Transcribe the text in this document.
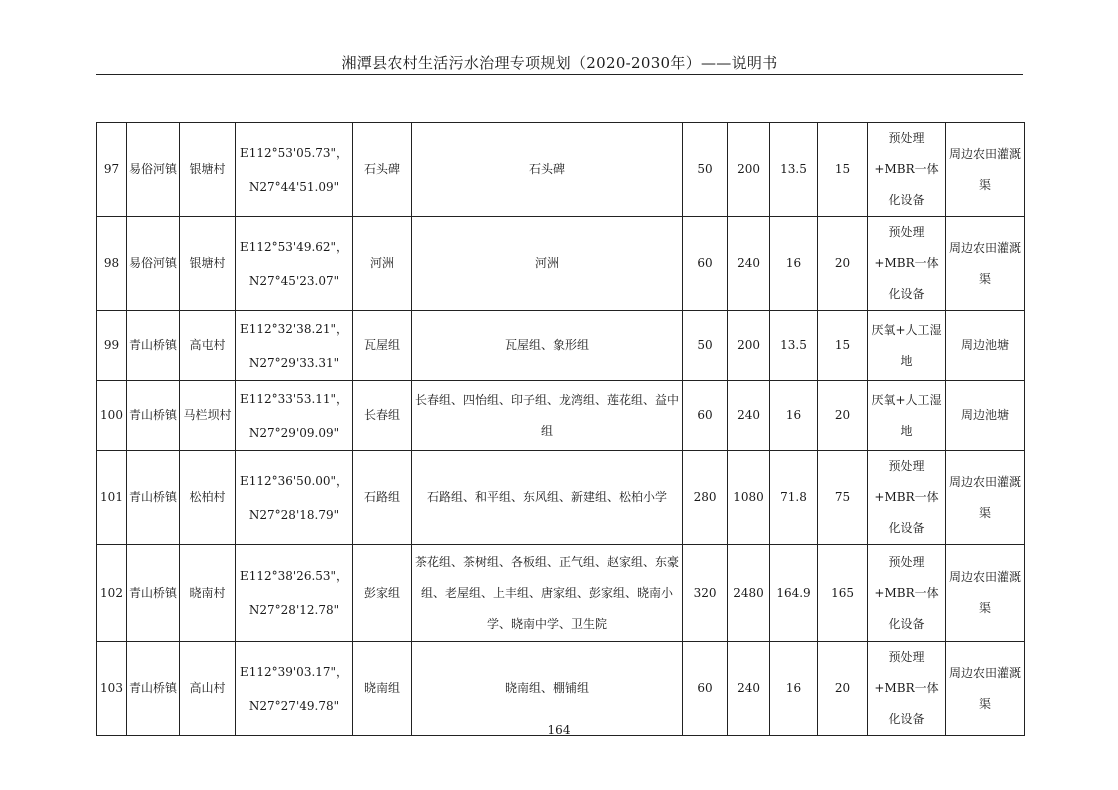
湘潭县农村生活污水治理专项规划（2020-2030年）——说明书
97	易俗河镇	银塘村	E112°53'05.73"，
N27°44'51.09"	石头碑	石头碑	50	200	13.5	15	预处理+MBR一体化设备	周边农田灌溉渠
98	易俗河镇	银塘村	E112°53'49.62"，
N27°45'23.07"	河洲	河洲	60	240	16	20	预处理+MBR一体化设备	周边农田灌溉渠
99	青山桥镇	高屯村	E112°32'38.21"，
N27°29'33.31"	瓦屋组	瓦屋组、象形组	50	200	13.5	15	厌氧+人工湿地	周边池塘
100	青山桥镇	马栏坝村	E112°33'53.11"，
N27°29'09.09"	长春组	长春组、四怡组、印子组、龙湾组、莲花组、益中组	60	240	16	20	厌氧+人工湿地	周边池塘
101	青山桥镇	松柏村	E112°36'50.00"，
N27°28'18.79"	石路组	石路组、和平组、东风组、新建组、松柏小学	280	1080	71.8	75	预处理+MBR一体化设备	周边农田灌溉渠
102	青山桥镇	晓南村	E112°38'26.53"，
N27°28'12.78"	彭家组	茶花组、茶树组、各板组、正气组、赵家组、东豪组、老屋组、上丰组、唐家组、彭家组、晓南小学、晓南中学、卫生院	320	2480	164.9	165	预处理+MBR一体化设备	周边农田灌溉渠
103	青山桥镇	高山村	E112°39'03.17"，
N27°27'49.78"	晓南组	晓南组、棚铺组	60	240	16	20	预处理+MBR一体化设备	周边农田灌溉渠
164
